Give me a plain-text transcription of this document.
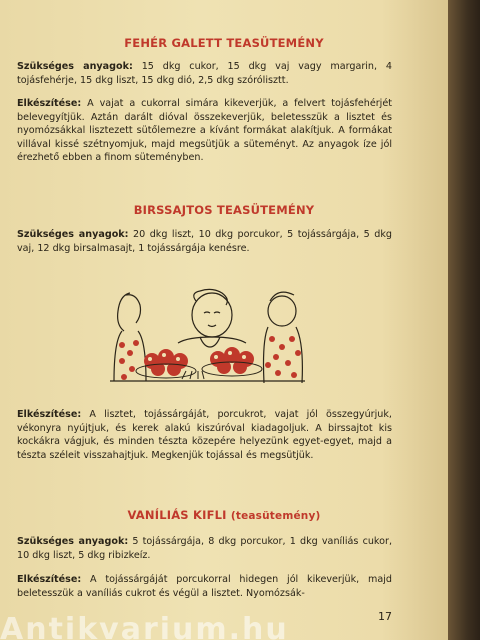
FEHÉR GALETT TEASÜTEMÉNY

Szükséges anyagok: 15 dkg cukor, 15 dkg vaj vagy margarin, 4 tojásfehérje, 15 dkg liszt, 15 dkg dió, 2,5 dkg szórólisztt.

Elkészítése: A vajat a cukorral simára kikeverjük, a felvert tojásfehérjét belevegyítjük. Aztán darált dióval összekeverjük, beletesszük a lisztet és nyomózsákkal lisztezett sütőlemezre a kívánt formákat alakítjuk. A formákat villával kissé szétnyomjuk, majd megsütjük a süteményt. Az anyagok íze jól érezhető ebben a finom süteményben.

BIRSSAJTOS TEASÜTEMÉNY

Szükséges anyagok: 20 dkg liszt, 10 dkg porcukor, 5 tojássárgája, 5 dkg vaj, 12 dkg birsalmasajt, 1 tojássárgája kenésre.

Elkészítése: A lisztet, tojássárgáját, porcukrot, vajat jól összegyúrjuk, vékonyra nyújtjuk, és kerek alakú kiszúróval kiadagoljuk. A birssajtot kis kockákra vágjuk, és minden tészta közepére helyezünk egyet-egyet, majd a tészta széleit visszahajtjuk. Megkenjük tojással és megsütjük.

VANÍLIÁS KIFLI (teasütemény)

Szükséges anyagok: 5 tojássárgája, 8 dkg porcukor, 1 dkg vaníliás cukor, 10 dkg liszt, 5 dkg ribizkeíz.

Elkészítése: A tojássárgáját porcukorral hidegen jól kikeverjük, majd beletesszük a vaníliás cukrot és végül a lisztet. Nyomózsák-

17
Antikvarium.hu
